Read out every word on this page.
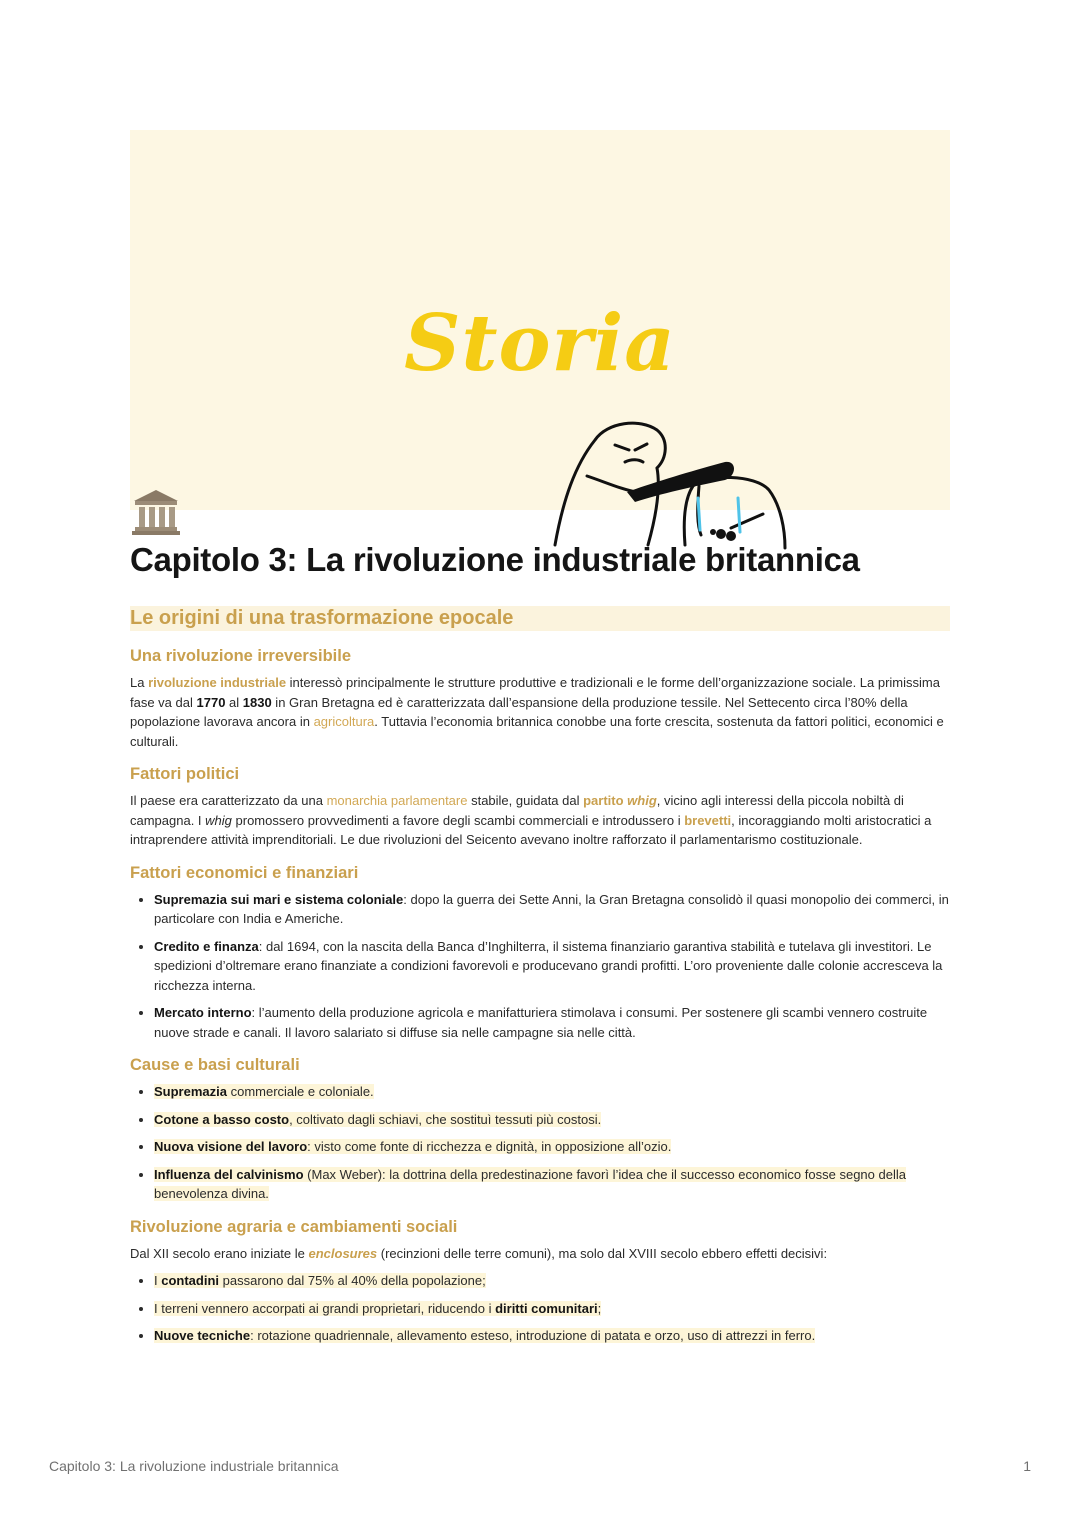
Storia
Capitolo 3: La rivoluzione industriale britannica
Le origini di una trasformazione epocale
Una rivoluzione irreversibile

La rivoluzione industriale interessò principalmente le strutture produttive e tradizionali e le forme dell’organizzazione sociale. La primissima fase va dal 1770 al 1830 in Gran Bretagna ed è caratterizzata dall’espansione della produzione tessile. Nel Settecento circa l’80% della popolazione lavorava ancora in agricoltura. Tuttavia l’economia britannica conobbe una forte crescita, sostenuta da fattori politici, economici e culturali.

Fattori politici

Il paese era caratterizzato da una monarchia parlamentare stabile, guidata dal partito whig, vicino agli interessi della piccola nobiltà di campagna. I whig promossero provvedimenti a favore degli scambi commerciali e introdussero i brevetti, incoraggiando molti aristocratici a intraprendere attività imprenditoriali. Le due rivoluzioni del Seicento avevano inoltre rafforzato il parlamentarismo costituzionale.

Fattori economici e finanziari
• Supremazia sui mari e sistema coloniale: dopo la guerra dei Sette Anni, la Gran Bretagna consolidò il quasi monopolio dei commerci, in particolare con India e Americhe.
• Credito e finanza: dal 1694, con la nascita della Banca d’Inghilterra, il sistema finanziario garantiva stabilità e tutelava gli investitori. Le spedizioni d’oltremare erano finanziate a condizioni favorevoli e producevano grandi profitti. L’oro proveniente dalle colonie accresceva la ricchezza interna.
• Mercato interno: l’aumento della produzione agricola e manifatturiera stimolava i consumi. Per sostenere gli scambi vennero costruite nuove strade e canali. Il lavoro salariato si diffuse sia nelle campagne sia nelle città.
Cause e basi culturali
• Supremazia commerciale e coloniale.
• Cotone a basso costo, coltivato dagli schiavi, che sostituì tessuti più costosi.
• Nuova visione del lavoro: visto come fonte di ricchezza e dignità, in opposizione all’ozio.
• Influenza del calvinismo (Max Weber): la dottrina della predestinazione favorì l’idea che il successo economico fosse segno della benevolenza divina.
Rivoluzione agraria e cambiamenti sociali

Dal XII secolo erano iniziate le enclosures (recinzioni delle terre comuni), ma solo dal XVIII secolo ebbero effetti decisivi:

• I contadini passarono dal 75% al 40% della popolazione;
• I terreni vennero accorpati ai grandi proprietari, riducendo i diritti comunitari;
• Nuove tecniche: rotazione quadriennale, allevamento esteso, introduzione di patata e orzo, uso di attrezzi in ferro.
Capitolo 3: La rivoluzione industriale britannica	1
